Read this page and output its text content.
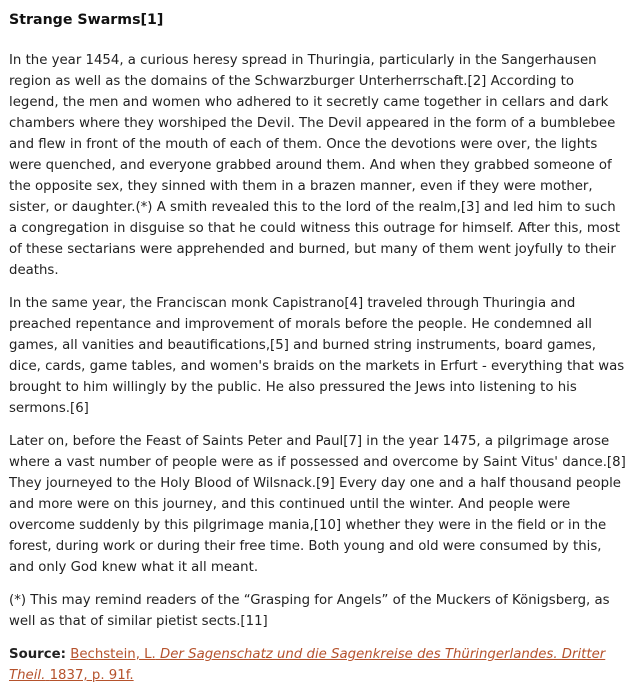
Strange Swarms[1]

In the year 1454, a curious heresy spread in Thuringia, particularly in the Sangerhausen region as well as the domains of the Schwarzburger Unterherrschaft.[2] According to legend, the men and women who adhered to it secretly came together in cellars and dark chambers where they worshiped the Devil. The Devil appeared in the form of a bumblebee and flew in front of the mouth of each of them. Once the devotions were over, the lights were quenched, and everyone grabbed around them. And when they grabbed someone of the opposite sex, they sinned with them in a brazen manner, even if they were mother, sister, or daughter.(*) A smith revealed this to the lord of the realm,[3] and led him to such a congregation in disguise so that he could witness this outrage for himself. After this, most of these sectarians were apprehended and burned, but many of them went joyfully to their deaths.

In the same year, the Franciscan monk Capistrano[4] traveled through Thuringia and preached repentance and improvement of morals before the people. He condemned all games, all vanities and beautifications,[5] and burned string instruments, board games, dice, cards, game tables, and women's braids on the markets in Erfurt - everything that was brought to him willingly by the public. He also pressured the Jews into listening to his sermons.[6]

Later on, before the Feast of Saints Peter and Paul[7] in the year 1475, a pilgrimage arose where a vast number of people were as if possessed and overcome by Saint Vitus' dance.[8] They journeyed to the Holy Blood of Wilsnack.[9] Every day one and a half thousand people and more were on this journey, and this continued until the winter. And people were overcome suddenly by this pilgrimage mania,[10] whether they were in the field or in the forest, during work or during their free time. Both young and old were consumed by this, and only God knew what it all meant.

(*) This may remind readers of the “Grasping for Angels” of the Muckers of Königsberg, as well as that of similar pietist sects.[11]

Source: Bechstein, L. Der Sagenschatz und die Sagenkreise des Thüringerlandes. Dritter Theil. 1837, p. 91f.
